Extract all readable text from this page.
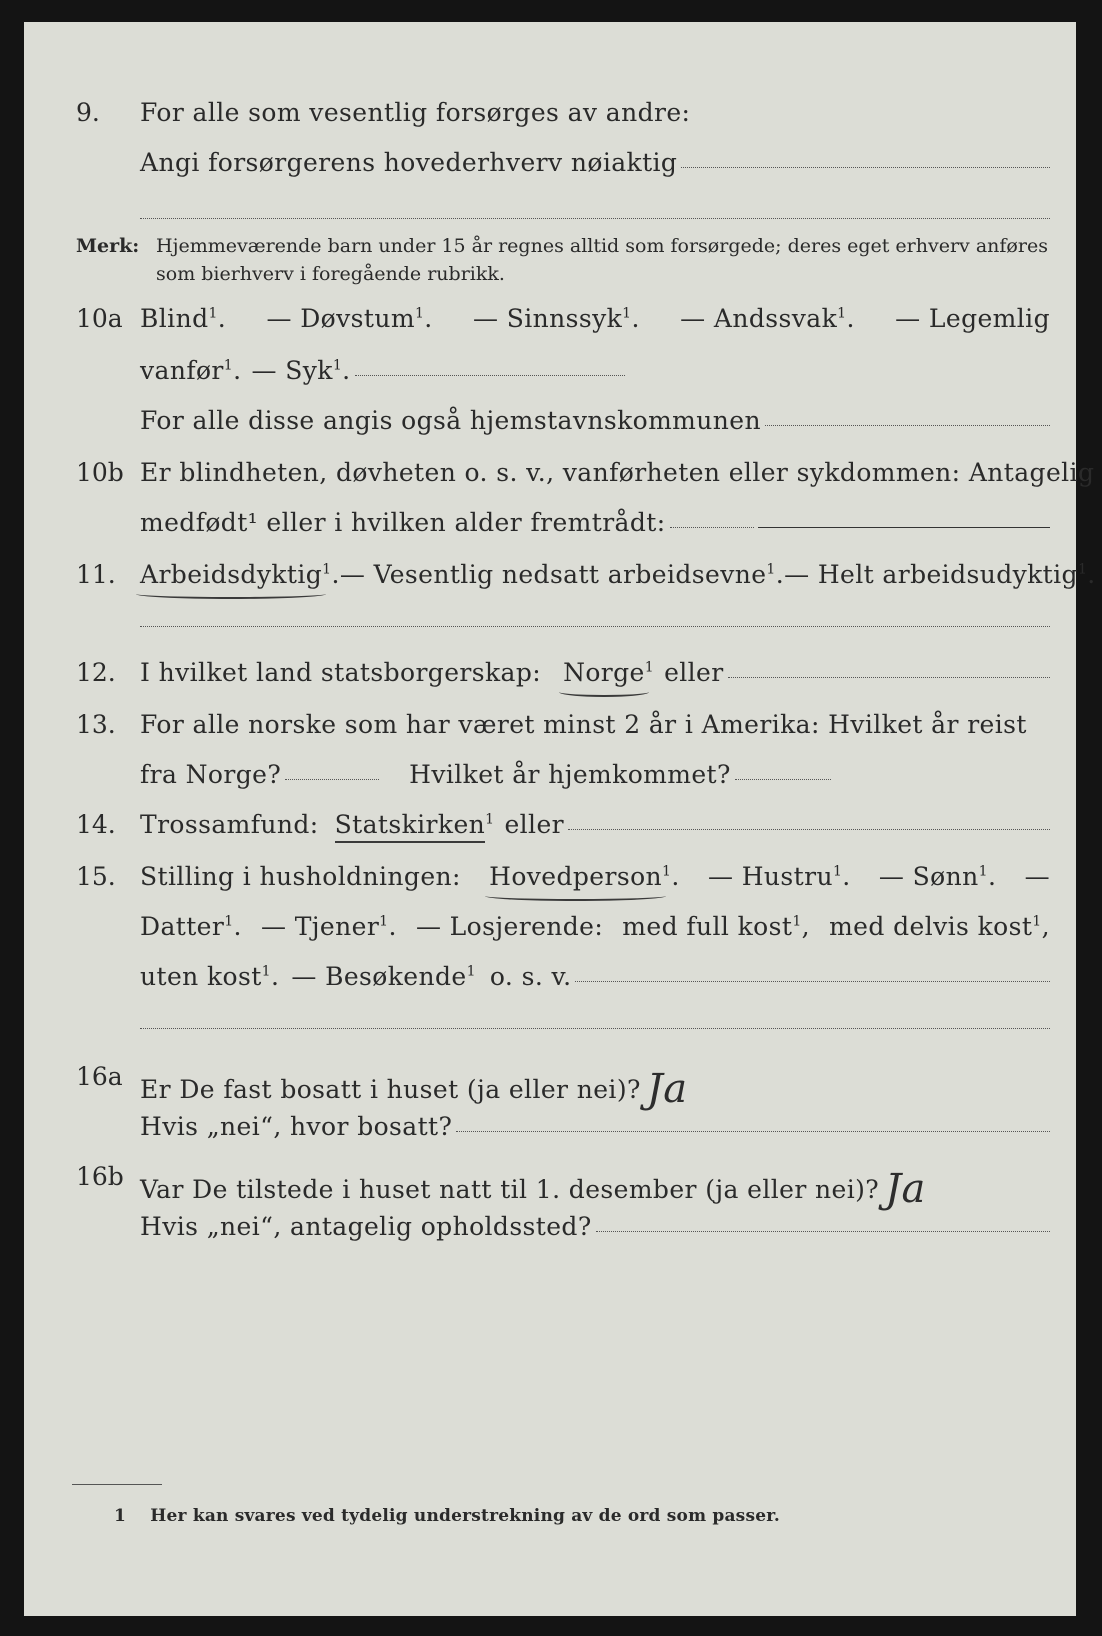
9.	For alle som vesentlig forsørges av andre:
Angi forsørgerens hovederhverv nøiaktig
Merk: Hjemmeværende barn under 15 år regnes alltid som forsørgede; deres eget erhverv anføres som bierhverv i foregående rubrikk.
10a Blind$^1$. — Døvstum$^1$. — Sinnssyk$^1$. — Andssvak$^1$. — Legemlig
vanfør$^1$. — Syk$^1$.
For alle disse angis også hjemstavnskommunen
10b Er blindheten, døvheten o. s. v., vanførheten eller sykdommen: Antagelig
medfødt¹ eller i hvilken alder fremtrådt:
11. Arbeidsdyktig$^1$. — Vesentlig nedsatt arbeidsevne$^1$. — Helt arbeidsudyktig$^1$.
12. I hvilket land statsborgerskap: Norge$^1$ eller
13. For alle norske som har været minst 2 år i Amerika: Hvilket år reist
fra Norge?	Hvilket år hjemkommet?
14. Trossamfund: Statskirken$^1$ eller
15. Stilling i husholdningen: Hovedperson$^1$. — Hustru$^1$. — Sønn$^1$. —
Datter$^1$. — Tjener$^1$. — Losjerende: med full kost$^1$, med delvis kost$^1$,
uten kost$^1$. — Besøkende$^1$ o. s. v.
16a Er De fast bosatt i huset (ja eller nei)? Ja
Hvis „nei“, hvor bosatt?
16b Var De tilstede i huset natt til 1. desember (ja eller nei)? Ja
Hvis „nei“, antagelig opholdssted?
1 Her kan svares ved tydelig understrekning av de ord som passer.
